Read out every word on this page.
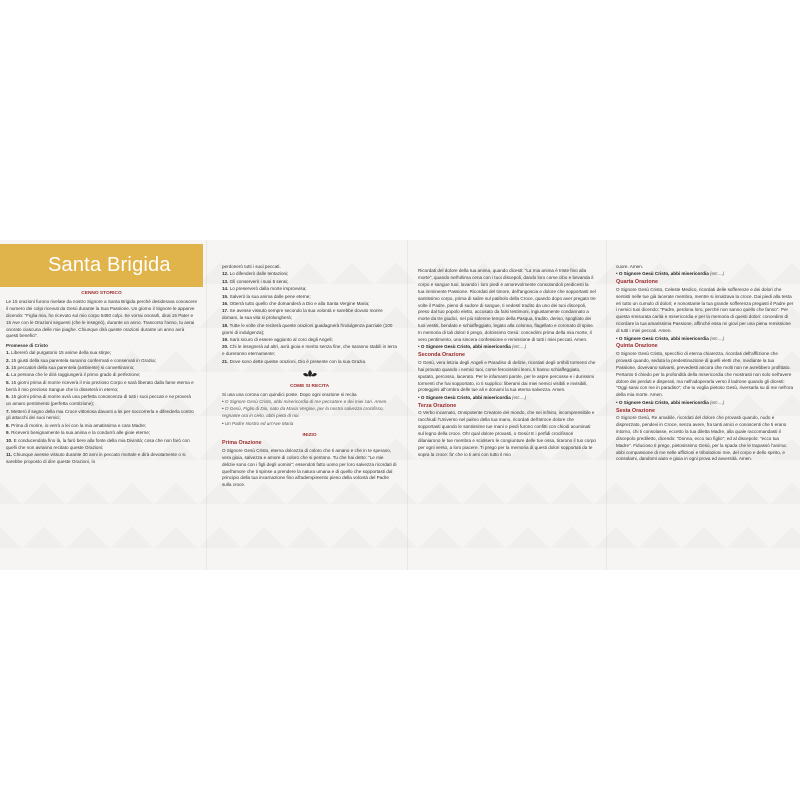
Santa Brigida
CENNO STORICO

Le 15 orazioni furono rivelate da nostro Signore a Santa Brigida perché desiderava conoscere il numero dei colpi ricevuti da Gesù durante la Sua Passione. Un giorno il Signore le apparve dicendo: "Figlia mia, ho ricevuto sul mio corpo 5480 colpi. Se vorrai onorarli, dirai 15 Pater e 15 Ave con le Orazioni seguenti (che le insegnò), durante un anno. Trascorso l'anno, tu avrai onorato ciascuna delle mie piaghe. Chiunque dirà queste orazioni durante un anno avrà questi benefici".

Promesse di Cristo

1. Libererò dal purgatorio 15 anime della sua stirpe;

2. 15 giusti della sua parentela saranno confermati e conservati in Grazia;

3. 15 peccatori della sua parentela (ambiente) si convertiranno;

4. La persona che le dirà raggiungerà il primo grado di perfezione;

5. 15 giorni prima di morire riceverà il mio prezioso Corpo e sarà liberato dalla fame eterna e berrà il mio prezioso Sangue che lo disseterà in eterno;

6. 15 giorni prima di morire avrà una perfetta conoscenza di tutti i suoi peccati e ne proverà un amaro pentimento (perfetta contrizione);

7. Metterò il segno della mia Croce vittoriosa davanti a lei per soccorrerla e difenderla contro gli attacchi dei suoi nemici;

8. Prima di morire, io verrò a lei con la mia amatissima e cara Madre;

9. Riceverò benignamente la sua anima e la condurrò alle gioie eterne;

10. E conducendola fino là, la farò bere alla fonte della mia Divinità; cosa che non farò con quelli che non avranno recitato queste Orazioni;

11. Chiunque avesse vissuto durante 30 anni in peccato mortale e dirà devotamente o si sarebbe proposto di dire queste Orazioni, lo

perdonerò tutti i suoi peccati.

12. Lo difenderò dalle tentazioni;

13. Gli conserverò i suoi 5 sensi;

14. Lo preserverò dalla morte improvvisa;

15. Salverò la sua anima dalle pene eterne;

16. Otterrà tutto quello che domanderà a Dio e alla Santa Vergine Maria;

17. Se avesse vissuto sempre secondo la sua volontà e sarebbe dovuto morire domani, la sua vita si prolungherà;

18. Tutte le volte che reciterà queste orazioni guadagnerà l'indulgenza parziale (100 giorni di indulgenza);

19. Sarà sicuro di essere aggiunto al coro degli Angeli;

20. Chi le insegnerà ad altri, avrà gioia e merito senza fine, che saranno stabili in terra e dureranno eternamente;

21. Dove sono dette queste orazioni, Dio è presente con la sua Grazia.

COME SI RECITA

Si usa una corona con quindici poste. Dopo ogni orazione si recita

• O Signore Gesù Cristo, abbi misericordia di me peccatore e dei miei cari. Amen.

• O Gesù, Figlio di Dio, nato da Maria Vergine, per la nostra salvezza crocifisso, regnante ora in cielo, abbi pietà di noi.

• Un Padre Nostro ed un'Ave Maria

INIZIO
Prima Orazione

O Signore Gesù Cristo, eterna dolcezza di coloro che ti amano e che in te sperano, vera gioia, salvezza e amore di coloro che si pentono. Tu che hai detto: "Le mie delizie sono con i figli degli uomini"; essendoti fatto uomo per loro salvezza ricordati di quell'amore che ti spinse a prendere la natura umana e di quello che sopportasti dal principio della tua incarnazione fino all'adempimento pieno della volontà del Padre sulla croce.

Ricordati del dolore della tua anima, quando dicesti: "La mia anima è triste fino alla morte", quando nell'ultima cena con i tuoi discepoli, dando loro come cibo e bevanda il corpo e sangue tuoi, lavando i loro piedi e amorevolmente consolandoli predicesti la tua imminente Passione. Ricordati del timore, dell'angoscia e dolore che sopportasti nel santissimo corpo, prima di salire sul patibolo della Croce, quando dopo aver pregato tre volte il Padre, pieno di sudore di sangue, ti vedesti tradito da uno dei tuoi discepoli, preso dal tuo popolo eletto, accusato da falsi testimoni, ingiustamente condannato a morte da tre giudici, nel più solenne tempo della Pasqua, tradito, deriso, spogliato dei tuoi vestiti, bendato e schiaffeggiato, legato alla colonna, flagellato e coronato di spine. In memoria di tali dolori ti prego, dolcissimo Gesù: concedimi prima della mia morte, il vero pentimento, una sincera confessione e remissione di tutti i miei peccati. Amen.

• O Signore Gesù Cristo, abbi misericordia (etc....)

Seconda Orazione

O Gesù, vera letizia degli Angeli e Paradiso di delizie, ricordati degli orribili tormenti che hai provato quando i nemici tuoi, come ferocissimi leoni, ti hanno schiaffeggiato, sputato, percosso, lacerato. Per le infamanti parole, per le aspre percosse e i durissimi tormenti che hai sopportato, io ti supplico: liberami dai miei nemici visibili e invisibili, proteggimi all'ombra delle tue ali e donami la tua eterna salvezza. Amen.

• O Signore Gesù Cristo, abbi misericordia (etc....)

Terza Orazione

O Verbo incarnato, Onnipotente Creatore del mondo, che sei infinito, incomprensibile e racchiudi l'Universo nel palmo della tua mano, ricordati dell'atroce dolore che sopportasti quando le santissime tue mani e piedi furono confitti con chiodi acuminati sul legno della croce. Oh! qual dolore provasti, o Gesù! E i perfidi crocifissori dilaniarono le tue membra e sciolsero le congiunture delle tue ossa, tirarono il tuo corpo per ogni verso, a loro piacere. Ti prego per la memoria di questi dolori sopportati da te sopra la croce: fa' che io ti ami con tutto il mio

cuore. Amen.

• O Signore Gesù Cristo, abbi misericordia (etc....)

Quarta Orazione

O Signore Gesù Cristo, Celeste Medico, ricordati delle sofferenze e dei dolori che sentisti nelle tue già lacerate membra, mentre si innalzava la croce. Dai piedi alla testa eri tutto un cumulo di dolori; e nonostante la tua grande sofferenza pregasti il Padre per i nemici tuoi dicendo: "Padre, perdona loro, perché non sanno quello che fanno". Per questa smisurata carità e misericordia e per la memoria di questi dolori: concedimi di ricordare la tua amarissima Passione, affinché essa mi giovi per una piena remissione di tutti i miei peccati. Amen.

• O Signore Gesù Cristo, abbi misericordia (etc....)

Quinta Orazione

O Signore Gesù Cristo, specchio di eterna chiarezza, ricordati dell'afflizione che provasti quando, seduta la predestinazione di quelli eletti che, mediante la tua Passione, dovevano salvarsi, prevedesti ancora che molti non ne avrebbero profittato. Pertanto ti chiedo per la profondità della misericordia che mostrasti non solo nell'avere dolore dei perduti e disperati, ma nell'adoperarla verso il ladrone quando gli dicesti: "Oggi sarai con me in paradiso"; che tu voglia pietoso Gesù, riversarla su di me nell'ora della mia morte. Amen.

• O Signore Gesù Cristo, abbi misericordia (etc....)

Sesta Orazione

O Signore Gesù, Re amabile, ricordati del dolore che provasti quando, nudo e disprezzato, pendevi in Croce, senza avere, fra tanti amici e conoscenti che ti erano intorno, chi ti consolasse, eccetto la tua diletta Madre, alla quale raccomandasti il discepolo prediletto, dicendo: "Donna, ecco tuo figlio"; ed al discepolo: "ecco tua Madre". Fiducioso ti prego, pietosissimo Gesù, per la spada che le trapassò l'anima: abbi compassione di me nelle afflizioni e tribolazioni mie, del corpo e dello spirito, e consolami, dandomi aiuto e gioia in ogni prova ed avversità. Amen.
